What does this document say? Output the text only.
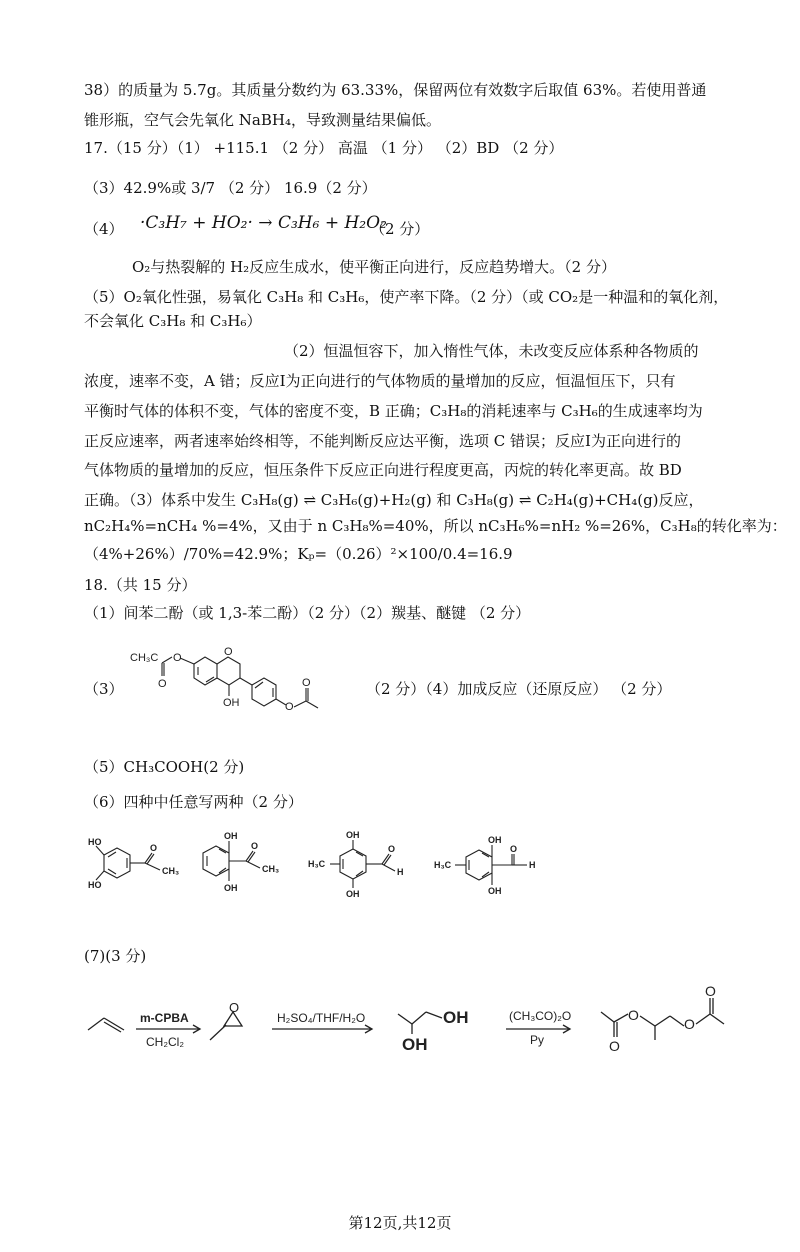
38）的质量为 5.7g。其质量分数约为 63.33%，保留两位有效数字后取值 63%。若使用普通
锥形瓶，空气会先氧化 NaBH₄，导致测量结果偏低。
17.（15 分）（1） +115.1 （2 分） 高温 （1 分） （2）BD （2 分）
（3）42.9%或 3/7 （2 分） 16.9（2 分）
（4） ·C₃H₇ + HO₂· → C₃H₆ + H₂O₂
（2 分）
O₂与热裂解的 H₂反应生成水，使平衡正向进行，反应趋势增大。（2 分）
（5）O₂氧化性强，易氧化 C₃H₈ 和 C₃H₆，使产率下降。（2 分）（或 CO₂是一种温和的氧化剂，
不会氧化 C₃H₈ 和 C₃H₆）
（2）恒温恒容下，加入惰性气体，未改变反应体系种各物质的
浓度，速率不变，A 错；反应Ⅰ为正向进行的气体物质的量增加的反应，恒温恒压下，只有
平衡时气体的体积不变，气体的密度不变，B 正确；C₃H₈的消耗速率与 C₃H₆的生成速率均为
正反应速率，两者速率始终相等，不能判断反应达平衡，选项 C 错误；反应Ⅰ为正向进行的
气体物质的量增加的反应，恒压条件下反应正向进行程度更高，丙烷的转化率更高。故 BD
正确。（3）体系中发生 C₃H₈(g) ⇌ C₃H₆(g)+H₂(g) 和 C₃H₈(g) ⇌ C₂H₄(g)+CH₄(g)反应，
nC₂H₄%=nCH₄ %=4%，又由于 n C₃H₈%=40%，所以 nC₃H₆%=nH₂ %=26%，C₃H₈的转化率为：
（4%+26%）/70%=42.9%；Kₚ=（0.26）²×100/0.4=16.9
18.（共 15 分）
（1）间苯二酚（或 1,3-苯二酚）（2 分）（2）羰基、醚键 （2 分）
（3）	（2 分）（4）加成反应（还原反应） （2 分）
CH₃C O
O
O
OH	O
O
（5）CH₃COOH(2 分)
（6）四种中任意写两种（2 分）
HO
HO
O
CH₃
OH
OH
O
CH₃
OH
OH
H₃C
O
H
OH
OH
H₃C
O
H
(7)(3 分)
m-CPBA
CH₂Cl₂
O
H₂SO₄/THF/H₂O	OH
OH
(CH₃CO)₂O
Py
O
O
O
O
第12页,共12页
